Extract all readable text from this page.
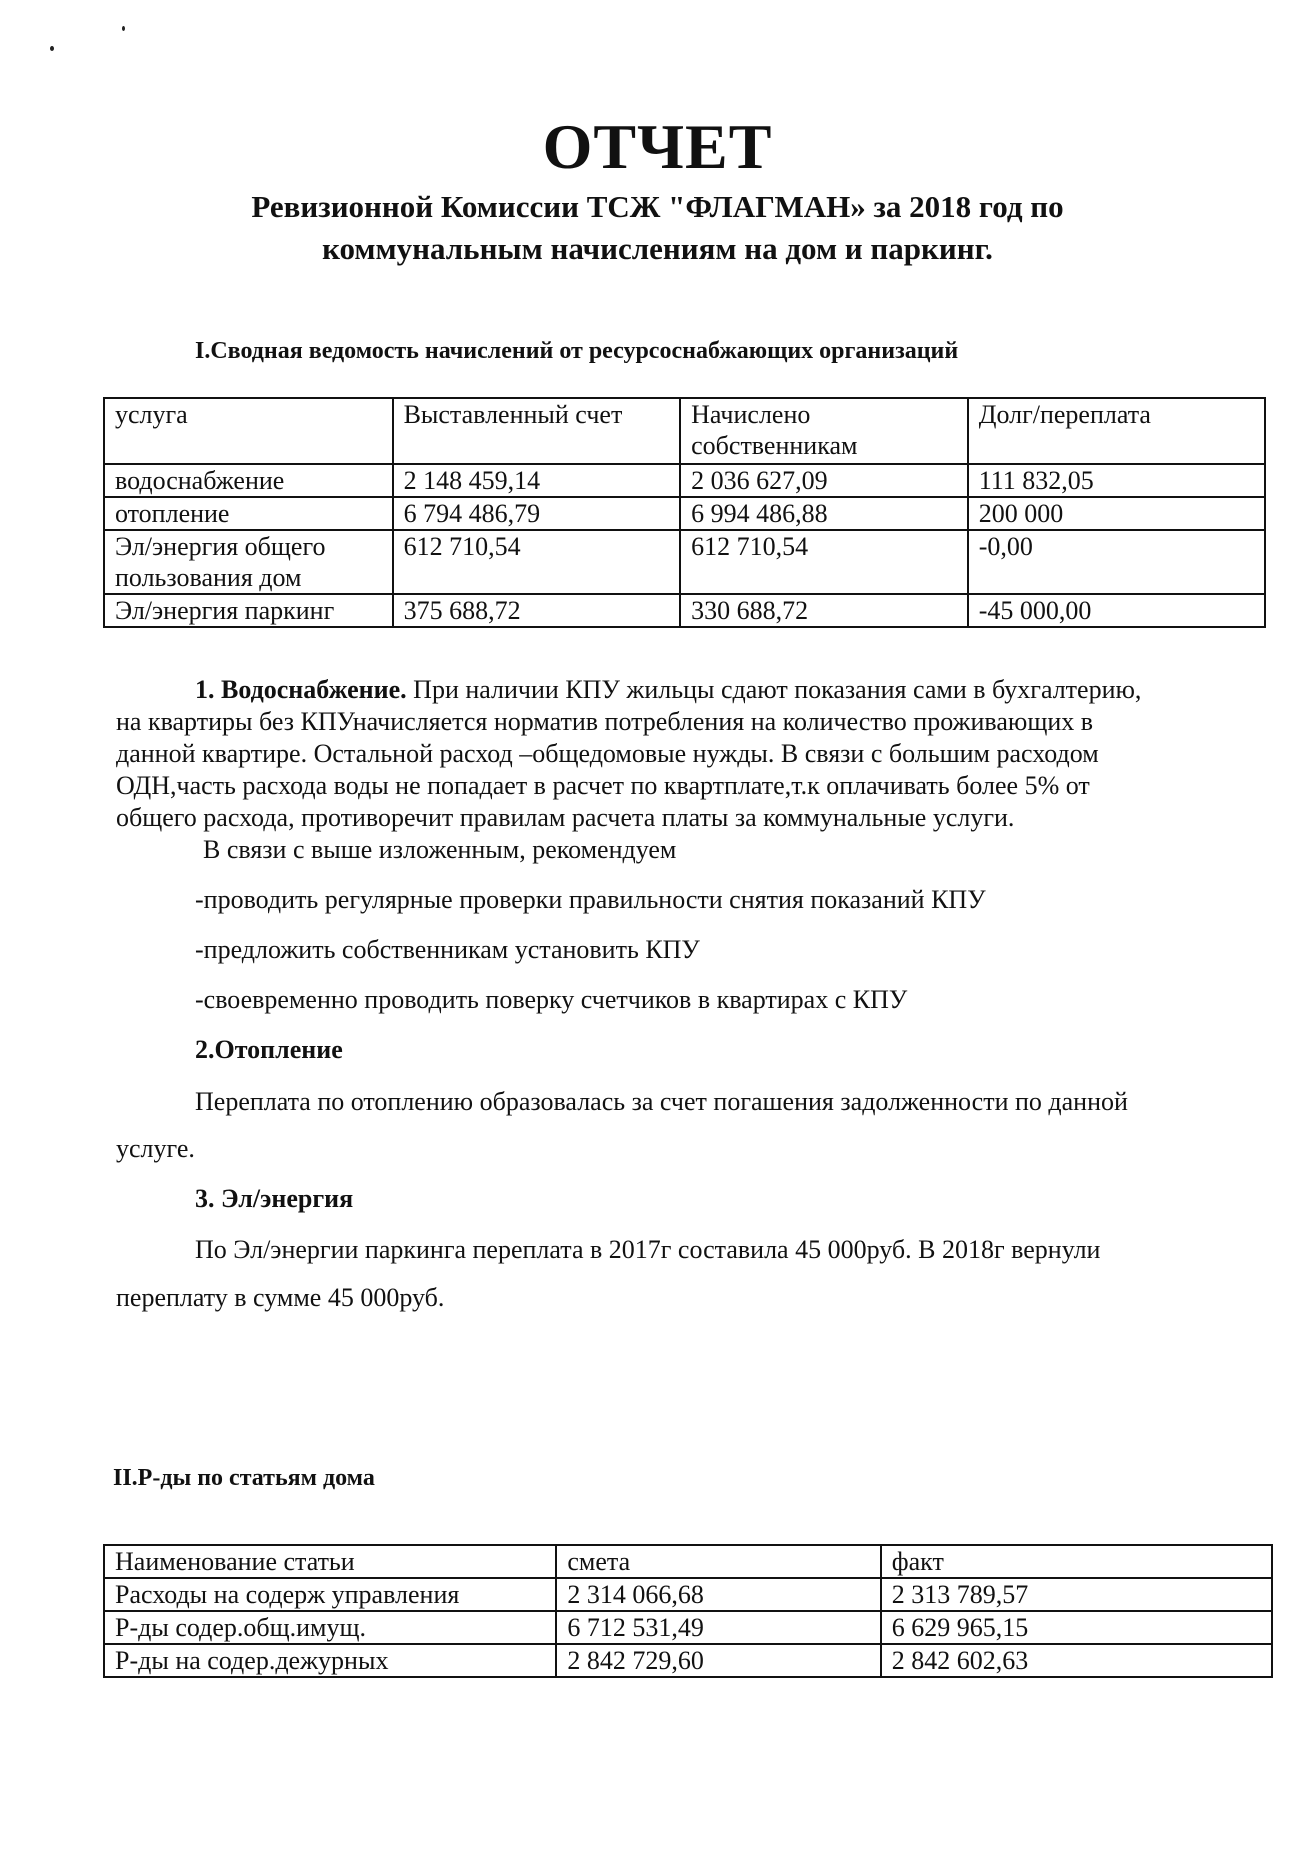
ОТЧЕТ
Ревизионной Комиссии ТСЖ "ФЛАГМАН» за 2018 год по
коммунальным начислениям на дом и паркинг.
I.Сводная ведомость начислений от ресурсоснабжающих организаций
услуга	Выставленный счет	Начислено собственникам	Долг/переплата
водоснабжение	2 148 459,14	2 036 627,09	111 832,05
отопление	6 794 486,79	6 994 486,88	200 000
Эл/энергия общего пользования дом	612 710,54	612 710,54	-0,00
Эл/энергия паркинг	375 688,72	330 688,72	-45 000,00
1. Водоснабжение. При наличии КПУ жильцы сдают показания сами в бухгалтерию,
на квартиры без КПУначисляется норматив потребления на количество проживающих в
данной квартире. Остальной расход –общедомовые нужды. В связи с большим расходом
ОДН,часть расхода воды не попадает в расчет по квартплате,т.к оплачивать более 5% от
общего расхода, противоречит правилам расчета платы за коммунальные услуги.
В связи с выше изложенным, рекомендуем
-проводить регулярные проверки правильности снятия показаний КПУ
-предложить собственникам установить КПУ
-своевременно проводить поверку счетчиков в квартирах с КПУ
2.Отопление
Переплата по отоплению образовалась за счет погашения задолженности по данной
услуге.
3. Эл/энергия
По Эл/энергии паркинга переплата в 2017г составила 45 000руб. В 2018г вернули
переплату в сумме 45 000руб.
II.Р-ды по статьям дома
Наименование статьи	смета	факт
Расходы на содерж управления	2 314 066,68	2 313 789,57
Р-ды содер.общ.имущ.	6 712 531,49	6 629 965,15
Р-ды на содер.дежурных	2 842 729,60	2 842 602,63
